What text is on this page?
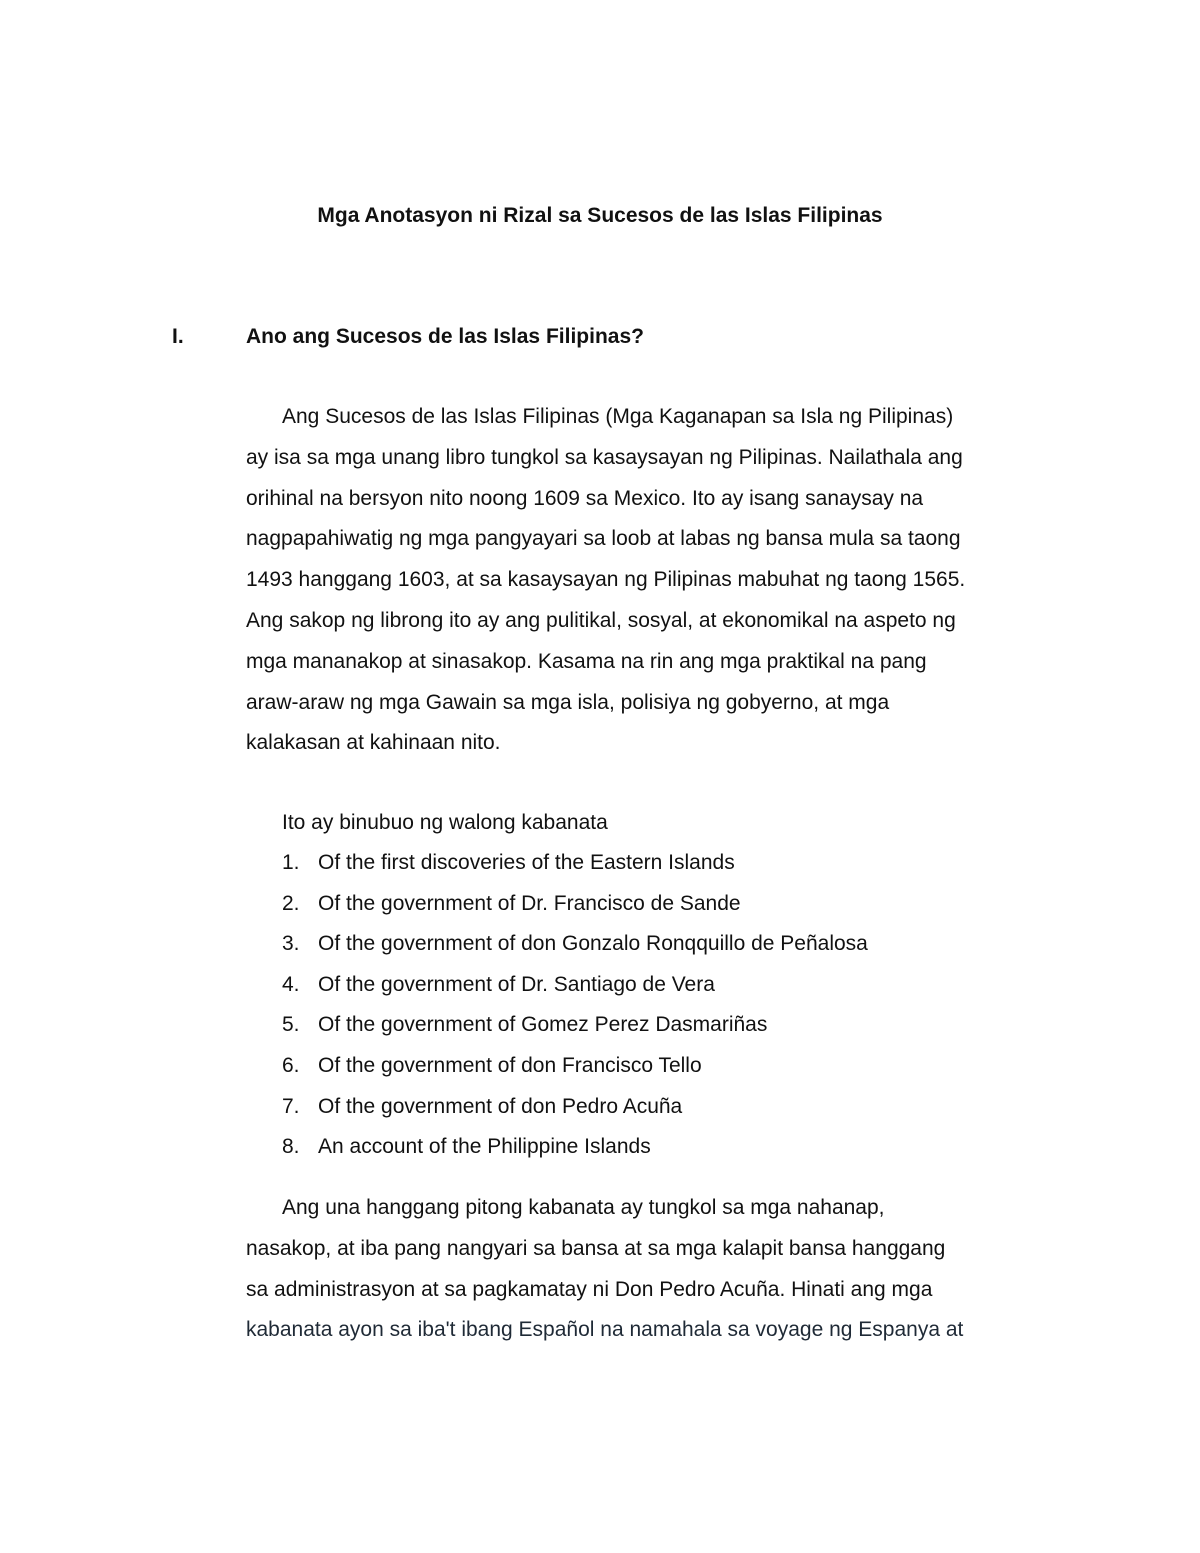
Mga Anotasyon ni Rizal sa Sucesos de las Islas Filipinas
I.	Ano ang Sucesos de las Islas Filipinas?
Ang Sucesos de las Islas Filipinas (Mga Kaganapan sa Isla ng Pilipinas)
ay isa sa mga unang libro tungkol sa kasaysayan ng Pilipinas. Nailathala ang
orihinal na bersyon nito noong 1609 sa Mexico. Ito ay isang sanaysay na
nagpapahiwatig ng mga pangyayari sa loob at labas ng bansa mula sa taong
1493 hanggang 1603, at sa kasaysayan ng Pilipinas mabuhat ng taong 1565.
Ang sakop ng librong ito ay ang pulitikal, sosyal, at ekonomikal na aspeto ng
mga mananakop at sinasakop. Kasama na rin ang mga praktikal na pang
araw-araw ng mga Gawain sa mga isla, polisiya ng gobyerno, at mga
kalakasan at kahinaan nito.
Ito ay binubuo ng walong kabanata
1. Of the first discoveries of the Eastern Islands
2. Of the government of Dr. Francisco de Sande
3. Of the government of don Gonzalo Ronqquillo de Peñalosa
4. Of the government of Dr. Santiago de Vera
5. Of the government of Gomez Perez Dasmariñas
6. Of the government of don Francisco Tello
7. Of the government of don Pedro Acuña
8. An account of the Philippine Islands
Ang una hanggang pitong kabanata ay tungkol sa mga nahanap,
nasakop, at iba pang nangyari sa bansa at sa mga kalapit bansa hanggang
sa administrasyon at sa pagkamatay ni Don Pedro Acuña. Hinati ang mga
kabanata ayon sa iba't ibang Español na namahala sa voyage ng Espanya at
